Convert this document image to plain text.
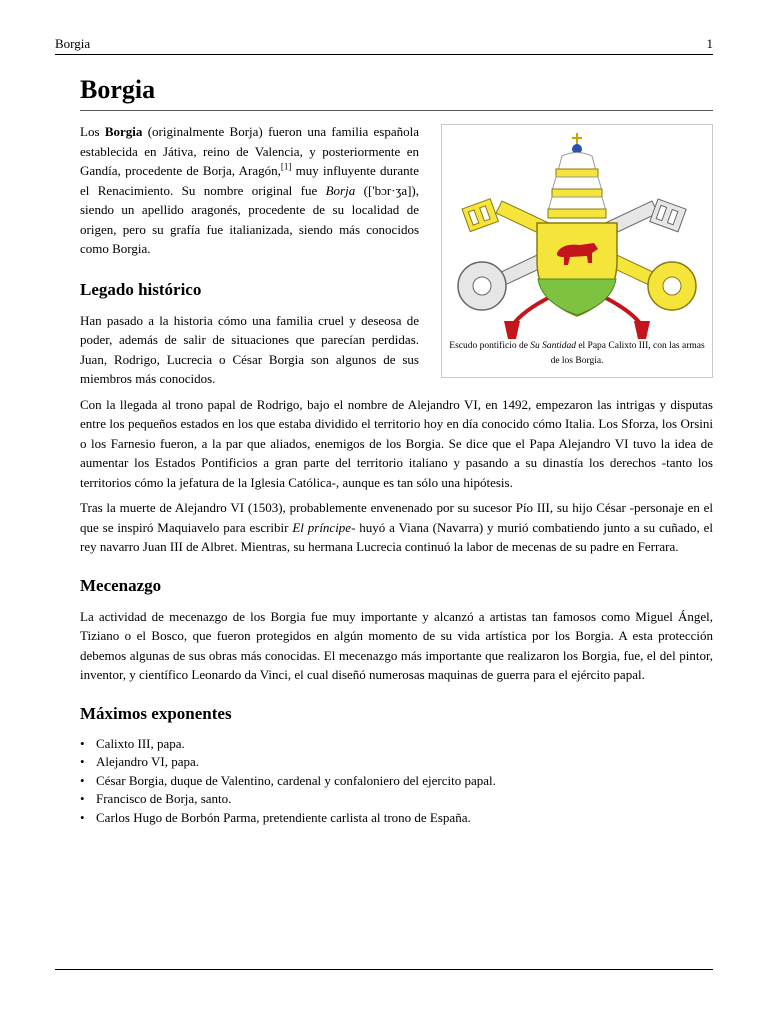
Borgia	1
Borgia
Escudo pontificio de Su Santidad el Papa Calixto III, con las armas de los Borgia.

Los Borgia (originalmente Borja) fueron una familia española establecida en Játiva, reino de Valencia, y posteriormente en Gandía, procedente de Borja, Aragón,[1] muy influyente durante el Renacimiento. Su nombre original fue Borja (['bɔr·ʒa]), siendo un apellido aragonés, procedente de su localidad de origen, pero su grafía fue italianizada, siendo más conocidos como Borgia.

Legado histórico

Han pasado a la historia cómo una familia cruel y deseosa de poder, además de salir de situaciones que parecían perdidas. Juan, Rodrigo, Lucrecia o César Borgia son algunos de sus miembros más conocidos.

Con la llegada al trono papal de Rodrigo, bajo el nombre de Alejandro VI, en 1492, empezaron las intrigas y disputas entre los pequeños estados en los que estaba dividido el territorio hoy en día conocido cómo Italia. Los Sforza, los Orsini o los Farnesio fueron, a la par que aliados, enemigos de los Borgia. Se dice que el Papa Alejandro VI tuvo la idea de aumentar los Estados Pontificios a gran parte del territorio italiano y pasando a su dinastía los derechos -tanto los territorios cómo la jefatura de la Iglesia Católica-, aunque es tan sólo una hipótesis.

Tras la muerte de Alejandro VI (1503), probablemente envenenado por su sucesor Pío III, su hijo César -personaje en el que se inspiró Maquiavelo para escribir El príncipe- huyó a Viana (Navarra) y murió combatiendo junto a su cuñado, el rey navarro Juan III de Albret. Mientras, su hermana Lucrecia continuó la labor de mecenas de su padre en Ferrara.

Mecenazgo

La actividad de mecenazgo de los Borgia fue muy importante y alcanzó a artistas tan famosos como Miguel Ángel, Tiziano o el Bosco, que fueron protegidos en algún momento de su vida artística por los Borgia. A esta protección debemos algunas de sus obras más conocidas. El mecenazgo más importante que realizaron los Borgia, fue, el del pintor, inventor, y científico Leonardo da Vinci, el cual diseñó numerosas maquinas de guerra para el ejército papal.

Máximos exponentes
• Calixto III, papa.
• Alejandro VI, papa.
• César Borgia, duque de Valentino, cardenal y confaloniero del ejercito papal.
• Francisco de Borja, santo.
• Carlos Hugo de Borbón Parma, pretendiente carlista al trono de España.
